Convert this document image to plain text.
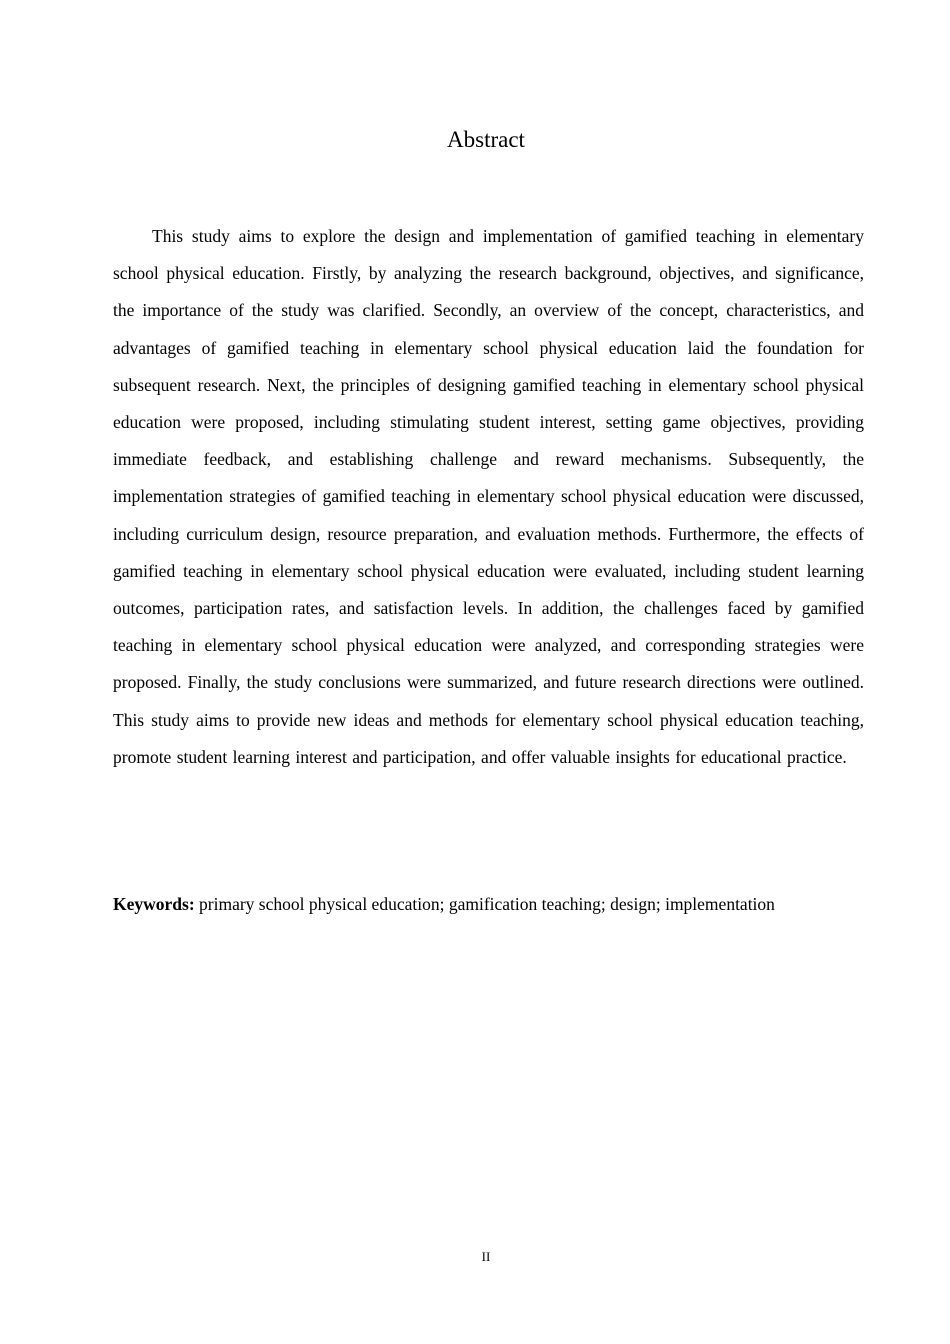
Abstract

This study aims to explore the design and implementation of gamified teaching in elementary school physical education. Firstly, by analyzing the research background, objectives, and significance, the importance of the study was clarified. Secondly, an overview of the concept, characteristics, and advantages of gamified teaching in elementary school physical education laid the foundation for subsequent research. Next, the principles of designing gamified teaching in elementary school physical education were proposed, including stimulating student interest, setting game objectives, providing immediate feedback, and establishing challenge and reward mechanisms. Subsequently, the implementation strategies of gamified teaching in elementary school physical education were discussed, including curriculum design, resource preparation, and evaluation methods. Furthermore, the effects of gamified teaching in elementary school physical education were evaluated, including student learning outcomes, participation rates, and satisfaction levels. In addition, the challenges faced by gamified teaching in elementary school physical education were analyzed, and corresponding strategies were proposed. Finally, the study conclusions were summarized, and future research directions were outlined. This study aims to provide new ideas and methods for elementary school physical education teaching, promote student learning interest and participation, and offer valuable insights for educational practice.

Keywords: primary school physical education; gamification teaching; design; implementation

II
